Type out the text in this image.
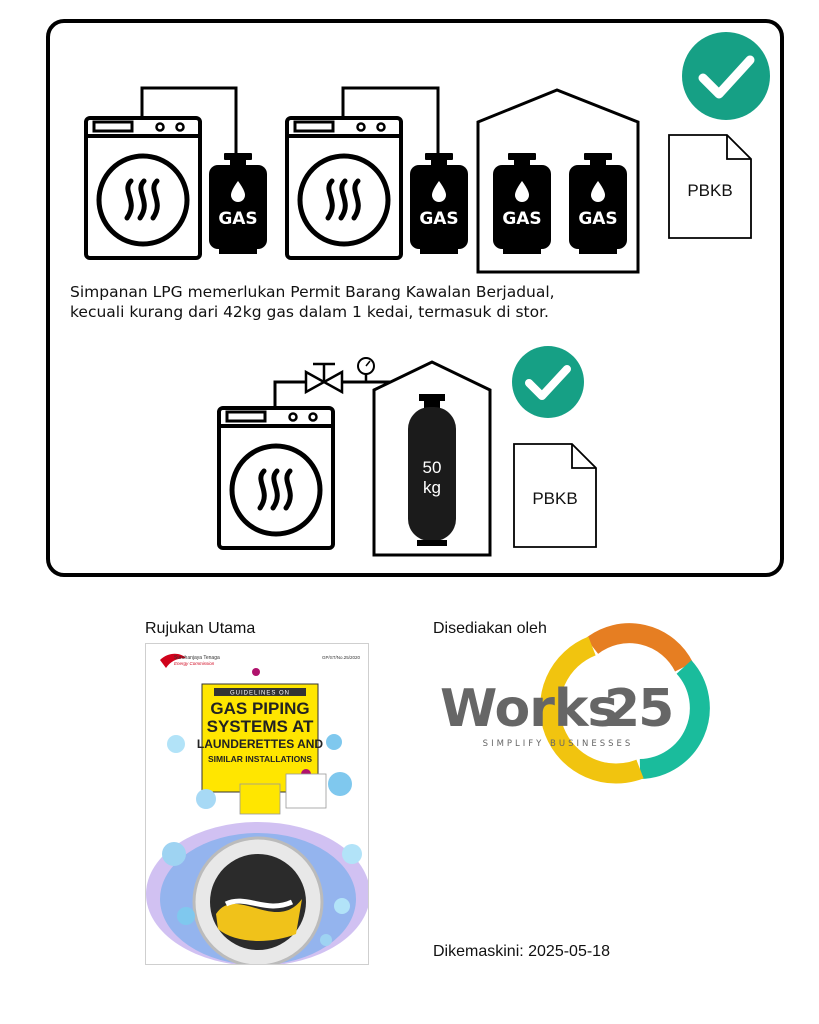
GAS	GAS	GAS GAS
PBKB
50
kg
PBKB
Works
25
SIMPLIFY BUSINESSES
Simpanan LPG memerlukan Permit Barang Kawalan Berjadual,
kecuali kurang dari 42kg gas dalam 1 kedai, termasuk di stor.
Rujukan Utama	Disediakan oleh
Suruhanjaya Tenaga
Energy Commission
GP/ST/No.25/2020
GUIDELINES ON
GAS PIPING
SYSTEMS AT
LAUNDERETTES AND
SIMILAR INSTALLATIONS
Dikemaskini: 2025-05-18
